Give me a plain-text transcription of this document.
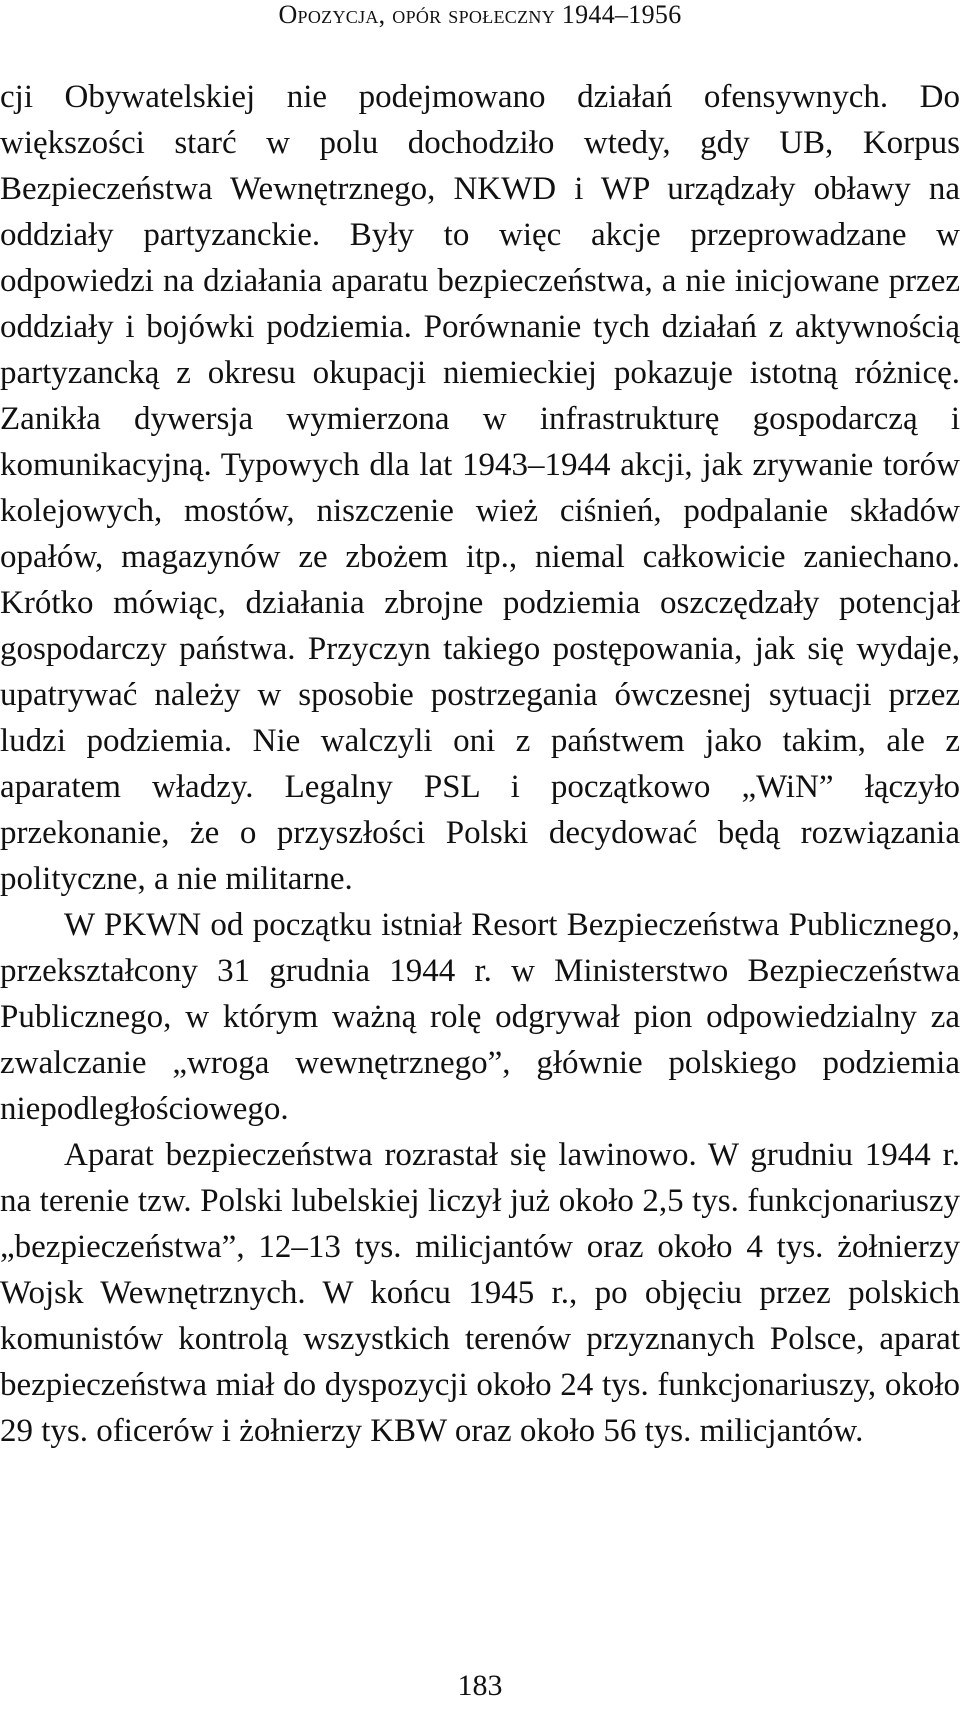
Opozycja, opór społeczny 1944–1956

cji Obywatelskiej nie podejmowano działań ofensywnych. Do większości starć w polu dochodziło wtedy, gdy UB, Korpus Bezpieczeństwa Wewnętrznego, NKWD i WP urządzały obławy na oddziały partyzanckie. Były to więc akcje przeprowadzane w odpowiedzi na działania aparatu bezpieczeństwa, a nie inicjowane przez oddziały i bojówki podziemia. Porównanie tych działań z aktywnością partyzancką z okresu okupacji niemieckiej pokazuje istotną różnicę. Zanikła dywersja wymierzona w infrastrukturę gospodarczą i komunikacyjną. Typowych dla lat 1943–1944 akcji, jak zrywanie torów kolejowych, mostów, niszczenie wież ciśnień, podpalanie składów opałów, magazynów ze zbożem itp., niemal całkowicie zaniechano. Krótko mówiąc, działania zbrojne podziemia oszczędzały potencjał gospodarczy państwa. Przyczyn takiego postępowania, jak się wydaje, upatrywać należy w sposobie postrzegania ówczesnej sytuacji przez ludzi podziemia. Nie walczyli oni z państwem jako takim, ale z aparatem władzy. Legalny PSL i początkowo „WiN” łączyło przekonanie, że o przyszłości Polski decydować będą rozwiązania polityczne, a nie militarne.

W PKWN od początku istniał Resort Bezpieczeństwa Publicznego, przekształcony 31 grudnia 1944 r. w Ministerstwo Bezpieczeństwa Publicznego, w którym ważną rolę odgrywał pion odpowiedzialny za zwalczanie „wroga wewnętrznego”, głównie polskiego podziemia niepodległościowego.

Aparat bezpieczeństwa rozrastał się lawinowo. W grudniu 1944 r. na terenie tzw. Polski lubelskiej liczył już około 2,5 tys. funkcjonariuszy „bezpieczeństwa”, 12–13 tys. milicjantów oraz około 4 tys. żołnierzy Wojsk Wewnętrznych. W końcu 1945 r., po objęciu przez polskich komunistów kontrolą wszystkich terenów przyznanych Polsce, aparat bezpieczeństwa miał do dyspozycji około 24 tys. funkcjonariuszy, około 29 tys. oficerów i żołnierzy KBW oraz około 56 tys. milicjantów.

183
